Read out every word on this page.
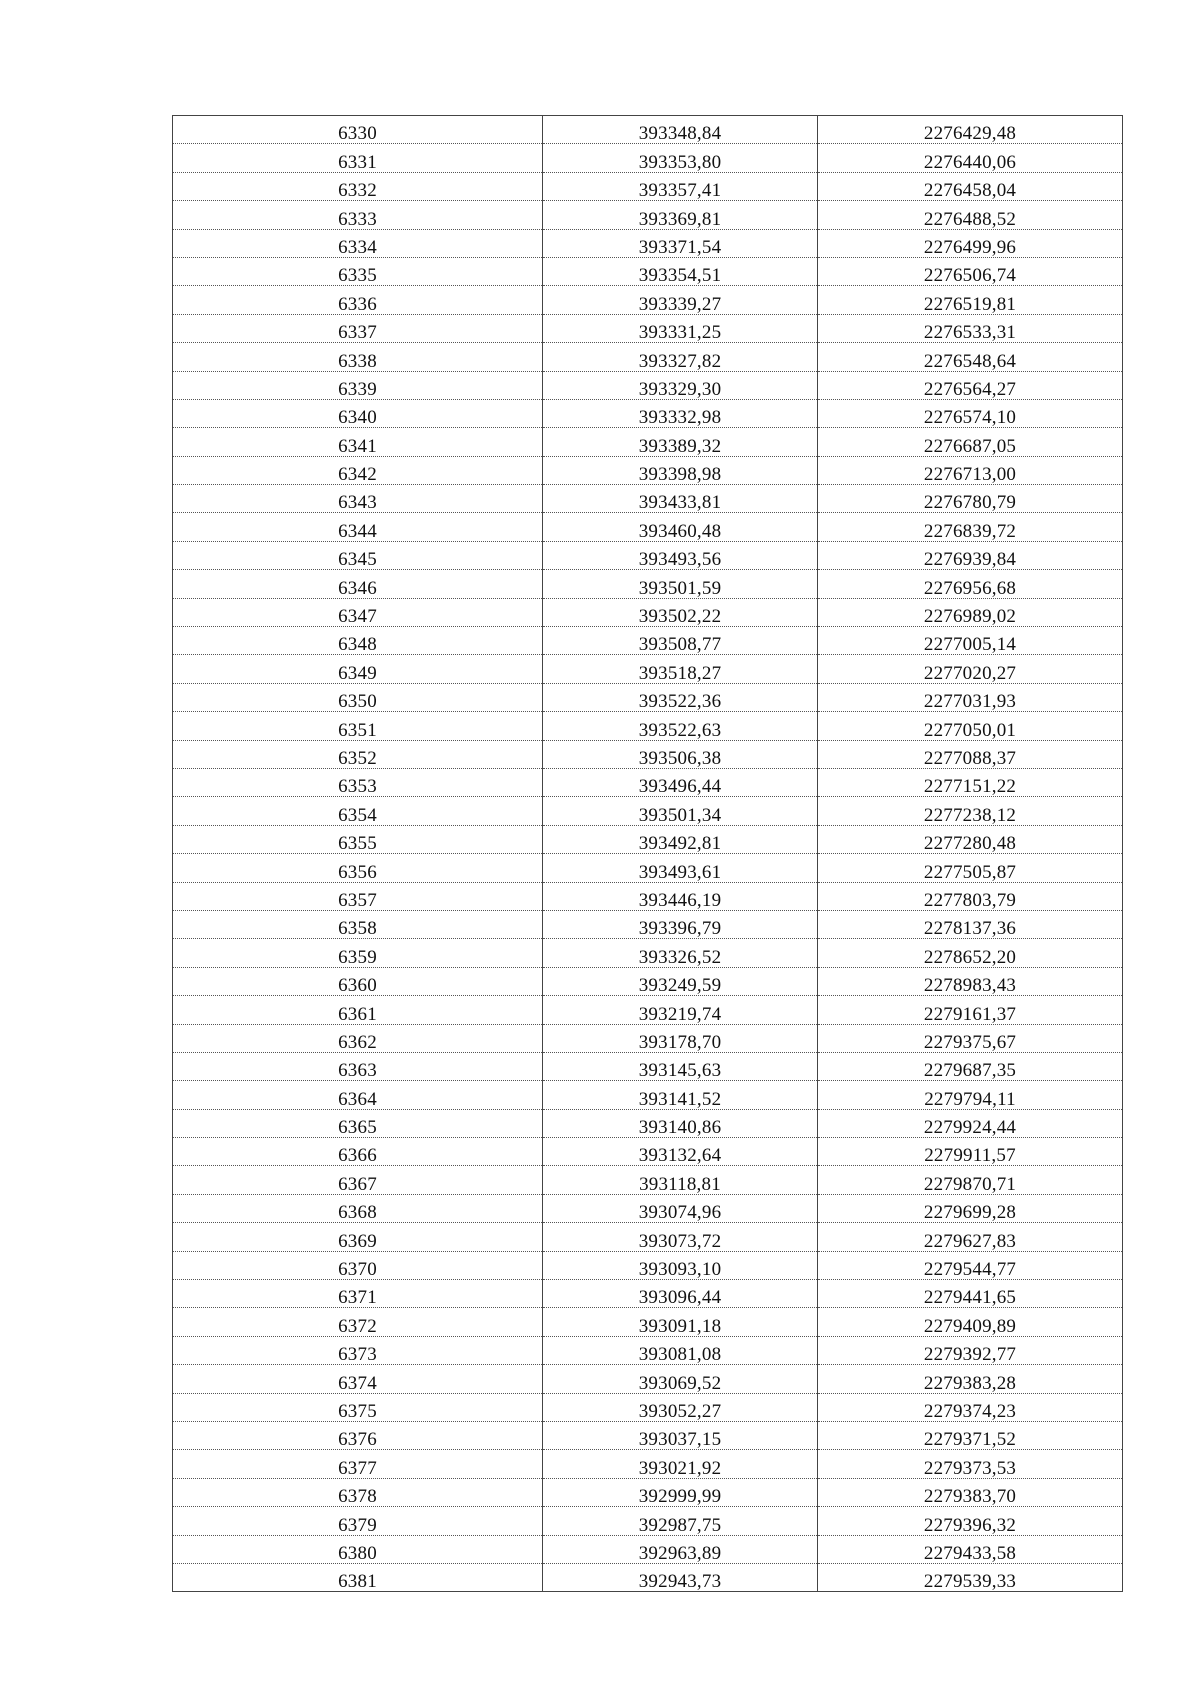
6330	393348,84	2276429,48
6331	393353,80	2276440,06
6332	393357,41	2276458,04
6333	393369,81	2276488,52
6334	393371,54	2276499,96
6335	393354,51	2276506,74
6336	393339,27	2276519,81
6337	393331,25	2276533,31
6338	393327,82	2276548,64
6339	393329,30	2276564,27
6340	393332,98	2276574,10
6341	393389,32	2276687,05
6342	393398,98	2276713,00
6343	393433,81	2276780,79
6344	393460,48	2276839,72
6345	393493,56	2276939,84
6346	393501,59	2276956,68
6347	393502,22	2276989,02
6348	393508,77	2277005,14
6349	393518,27	2277020,27
6350	393522,36	2277031,93
6351	393522,63	2277050,01
6352	393506,38	2277088,37
6353	393496,44	2277151,22
6354	393501,34	2277238,12
6355	393492,81	2277280,48
6356	393493,61	2277505,87
6357	393446,19	2277803,79
6358	393396,79	2278137,36
6359	393326,52	2278652,20
6360	393249,59	2278983,43
6361	393219,74	2279161,37
6362	393178,70	2279375,67
6363	393145,63	2279687,35
6364	393141,52	2279794,11
6365	393140,86	2279924,44
6366	393132,64	2279911,57
6367	393118,81	2279870,71
6368	393074,96	2279699,28
6369	393073,72	2279627,83
6370	393093,10	2279544,77
6371	393096,44	2279441,65
6372	393091,18	2279409,89
6373	393081,08	2279392,77
6374	393069,52	2279383,28
6375	393052,27	2279374,23
6376	393037,15	2279371,52
6377	393021,92	2279373,53
6378	392999,99	2279383,70
6379	392987,75	2279396,32
6380	392963,89	2279433,58
6381	392943,73	2279539,33
